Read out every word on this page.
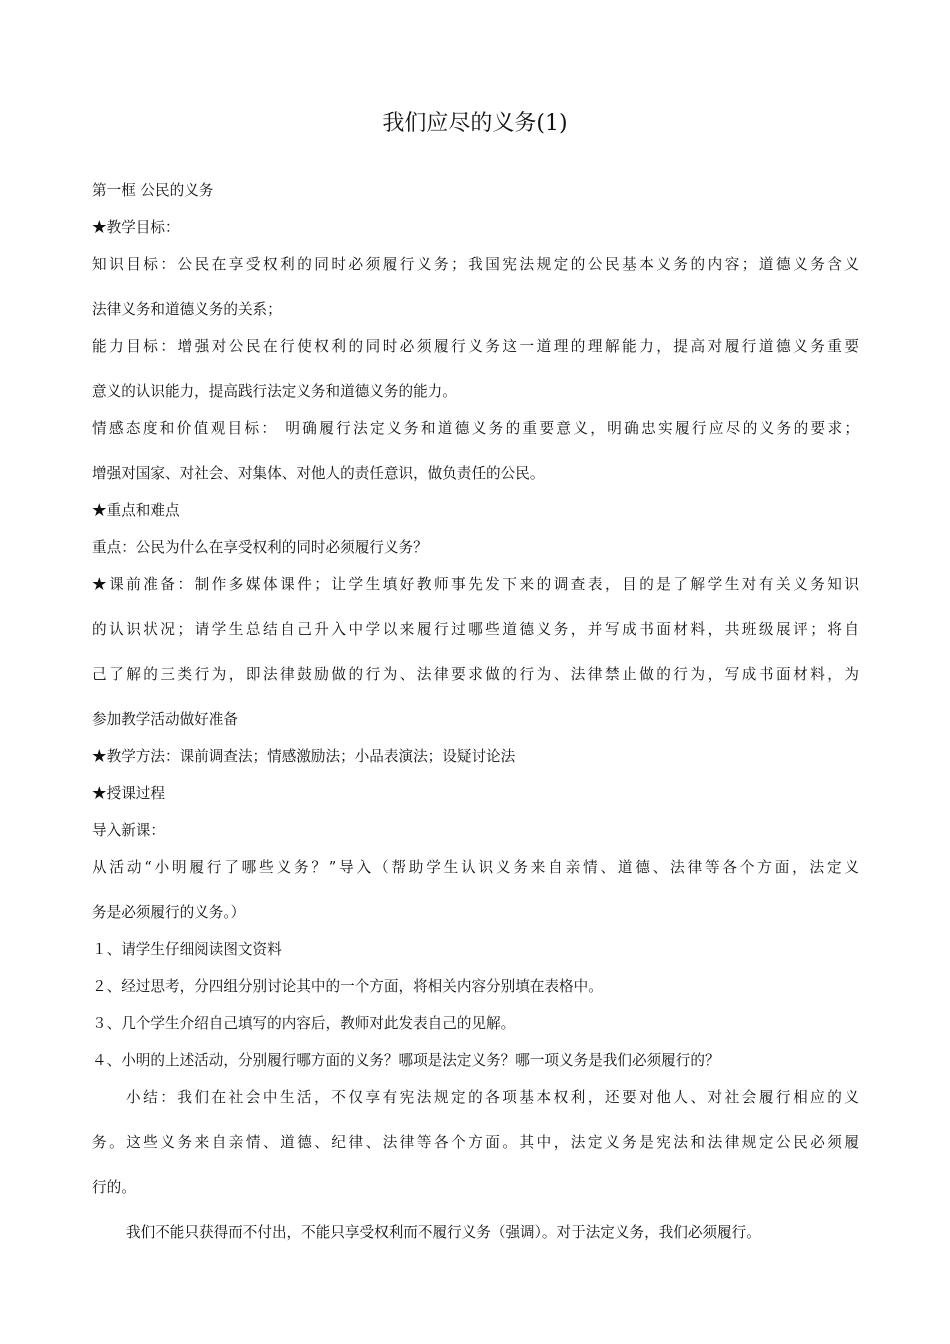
我们应尽的义务(1)
第一框 公民的义务
★教学目标：
知识目标：公民在享受权利的同时必须履行义务；我国宪法规定的公民基本义务的内容；道德义务含义
法律义务和道德义务的关系；
能力目标：增强对公民在行使权利的同时必须履行义务这一道理的理解能力，提高对履行道德义务重要
意义的认识能力，提高践行法定义务和道德义务的能力。
情感态度和价值观目标： 明确履行法定义务和道德义务的重要意义，明确忠实履行应尽的义务的要求；
增强对国家、对社会、对集体、对他人的责任意识，做负责任的公民。
★重点和难点
重点：公民为什么在享受权利的同时必须履行义务？
★课前准备：制作多媒体课件；让学生填好教师事先发下来的调查表，目的是了解学生对有关义务知识
的认识状况；请学生总结自己升入中学以来履行过哪些道德义务，并写成书面材料，共班级展评；将自
己了解的三类行为，即法律鼓励做的行为、法律要求做的行为、法律禁止做的行为，写成书面材料，为
参加教学活动做好准备
★教学方法：课前调查法；情感激励法；小品表演法；设疑讨论法
★授课过程
导入新课：
从活动“小明履行了哪些义务？”导入（帮助学生认识义务来自亲情、道德、法律等各个方面，法定义
务是必须履行的义务。）
１、请学生仔细阅读图文资料
２、经过思考，分四组分别讨论其中的一个方面，将相关内容分别填在表格中。
３、几个学生介绍自己填写的内容后，教师对此发表自己的见解。
４、小明的上述活动，分别履行哪方面的义务？哪项是法定义务？哪一项义务是我们必须履行的？
小结：我们在社会中生活，不仅享有宪法规定的各项基本权利，还要对他人、对社会履行相应的义
务。这些义务来自亲情、道德、纪律、法律等各个方面。其中，法定义务是宪法和法律规定公民必须履
行的。
我们不能只获得而不付出，不能只享受权利而不履行义务（强调）。对于法定义务，我们必须履行。
